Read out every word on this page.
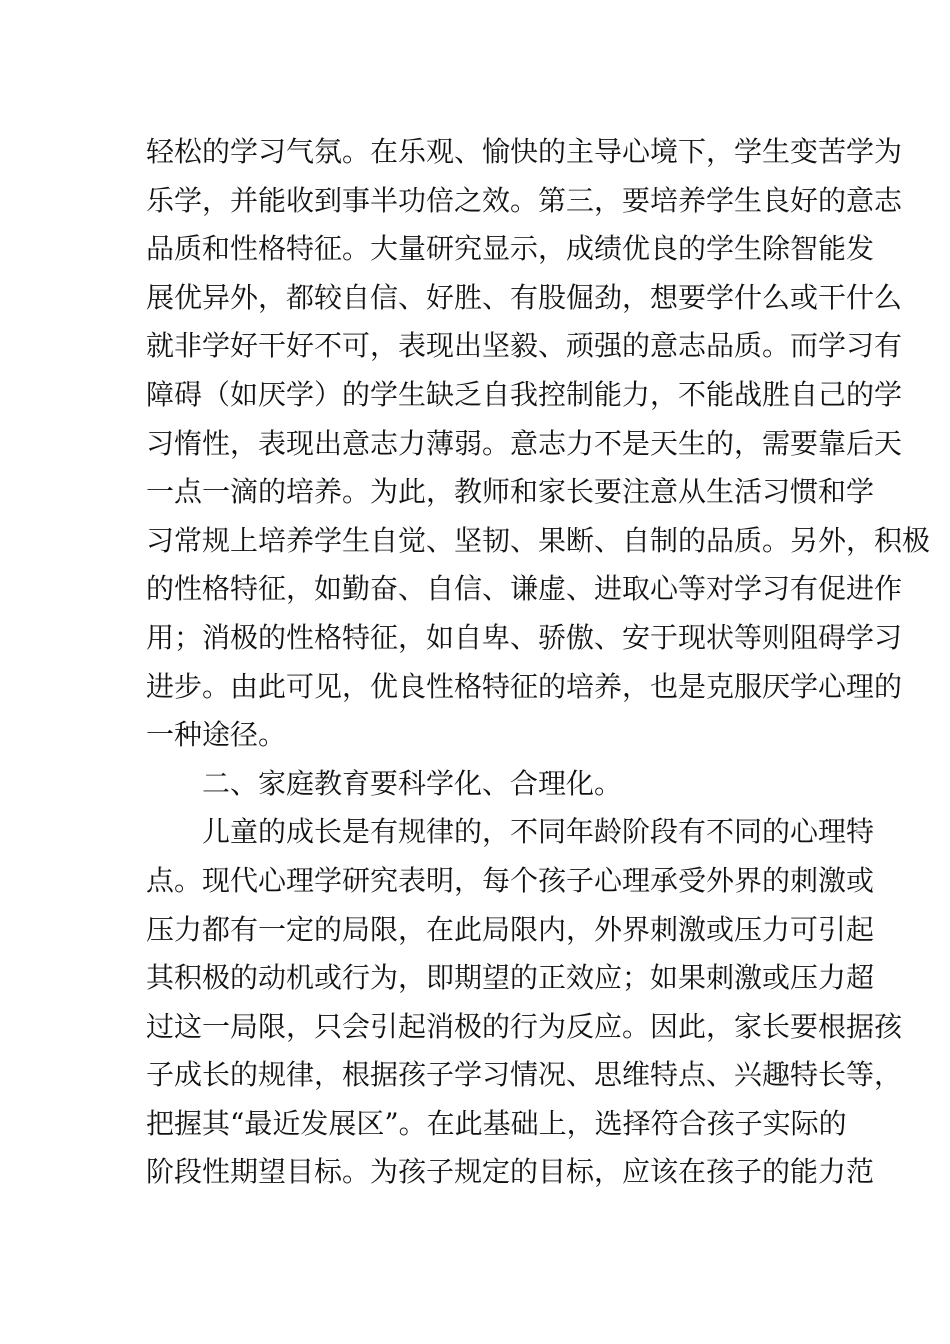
轻松的学习气氛。在乐观、愉快的主导心境下，学生变苦学为
乐学，并能收到事半功倍之效。第三，要培养学生良好的意志
品质和性格特征。大量研究显示，成绩优良的学生除智能发
展优异外，都较自信、好胜、有股倔劲，想要学什么或干什么
就非学好干好不可，表现出坚毅、顽强的意志品质。而学习有
障碍（如厌学）的学生缺乏自我控制能力，不能战胜自己的学
习惰性，表现出意志力薄弱。意志力不是天生的，需要靠后天
一点一滴的培养。为此，教师和家长要注意从生活习惯和学
习常规上培养学生自觉、坚韧、果断、自制的品质。另外，积极
的性格特征，如勤奋、自信、谦虚、进取心等对学习有促进作
用；消极的性格特征，如自卑、骄傲、安于现状等则阻碍学习
进步。由此可见，优良性格特征的培养，也是克服厌学心理的
一种途径。
二、家庭教育要科学化、合理化。
儿童的成长是有规律的，不同年龄阶段有不同的心理特
点。现代心理学研究表明，每个孩子心理承受外界的刺激或
压力都有一定的局限，在此局限内，外界刺激或压力可引起
其积极的动机或行为，即期望的正效应；如果刺激或压力超
过这一局限，只会引起消极的行为反应。因此，家长要根据孩
子成长的规律，根据孩子学习情况、思维特点、兴趣特长等，
把握其“最近发展区”。在此基础上，选择符合孩子实际的
阶段性期望目标。为孩子规定的目标，应该在孩子的能力范
